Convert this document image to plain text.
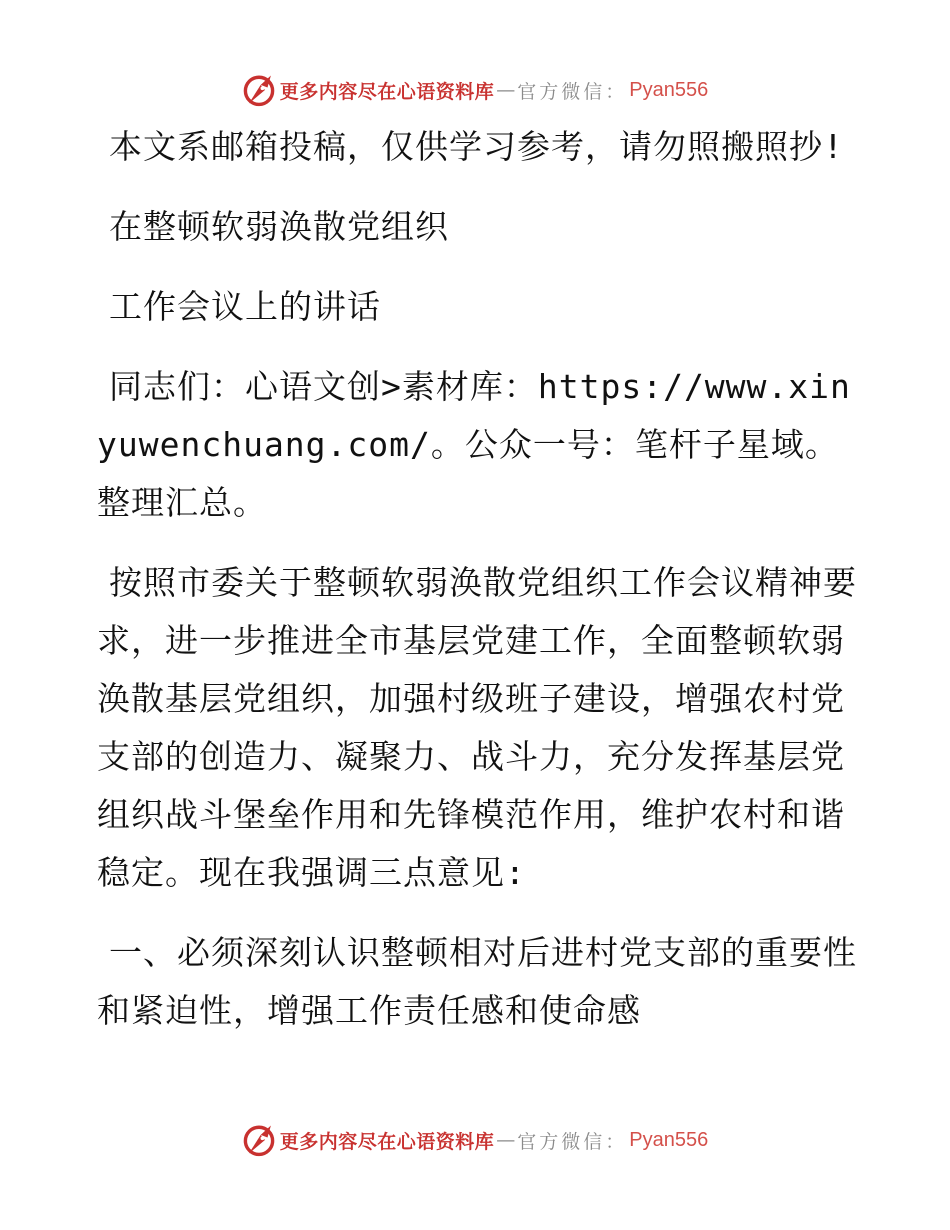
更多内容尽在心语资料库 — 官方微信： Pyan556

本文系邮箱投稿，仅供学习参考，请勿照搬照抄!

在整顿软弱涣散党组织

工作会议上的讲话

同志们：心语文创>素材库：https://www.xinyuwenchuang.com/。公众一号：笔杆子星域。整理汇总。

按照市委关于整顿软弱涣散党组织工作会议精神要求，进一步推进全市基层党建工作，全面整顿软弱涣散基层党组织，加强村级班子建设，增强农村党支部的创造力、凝聚力、战斗力，充分发挥基层党组织战斗堡垒作用和先锋模范作用，维护农村和谐稳定。现在我强调三点意见:

一、必须深刻认识整顿相对后进村党支部的重要性和紧迫性，增强工作责任感和使命感

更多内容尽在心语资料库 — 官方微信： Pyan556
